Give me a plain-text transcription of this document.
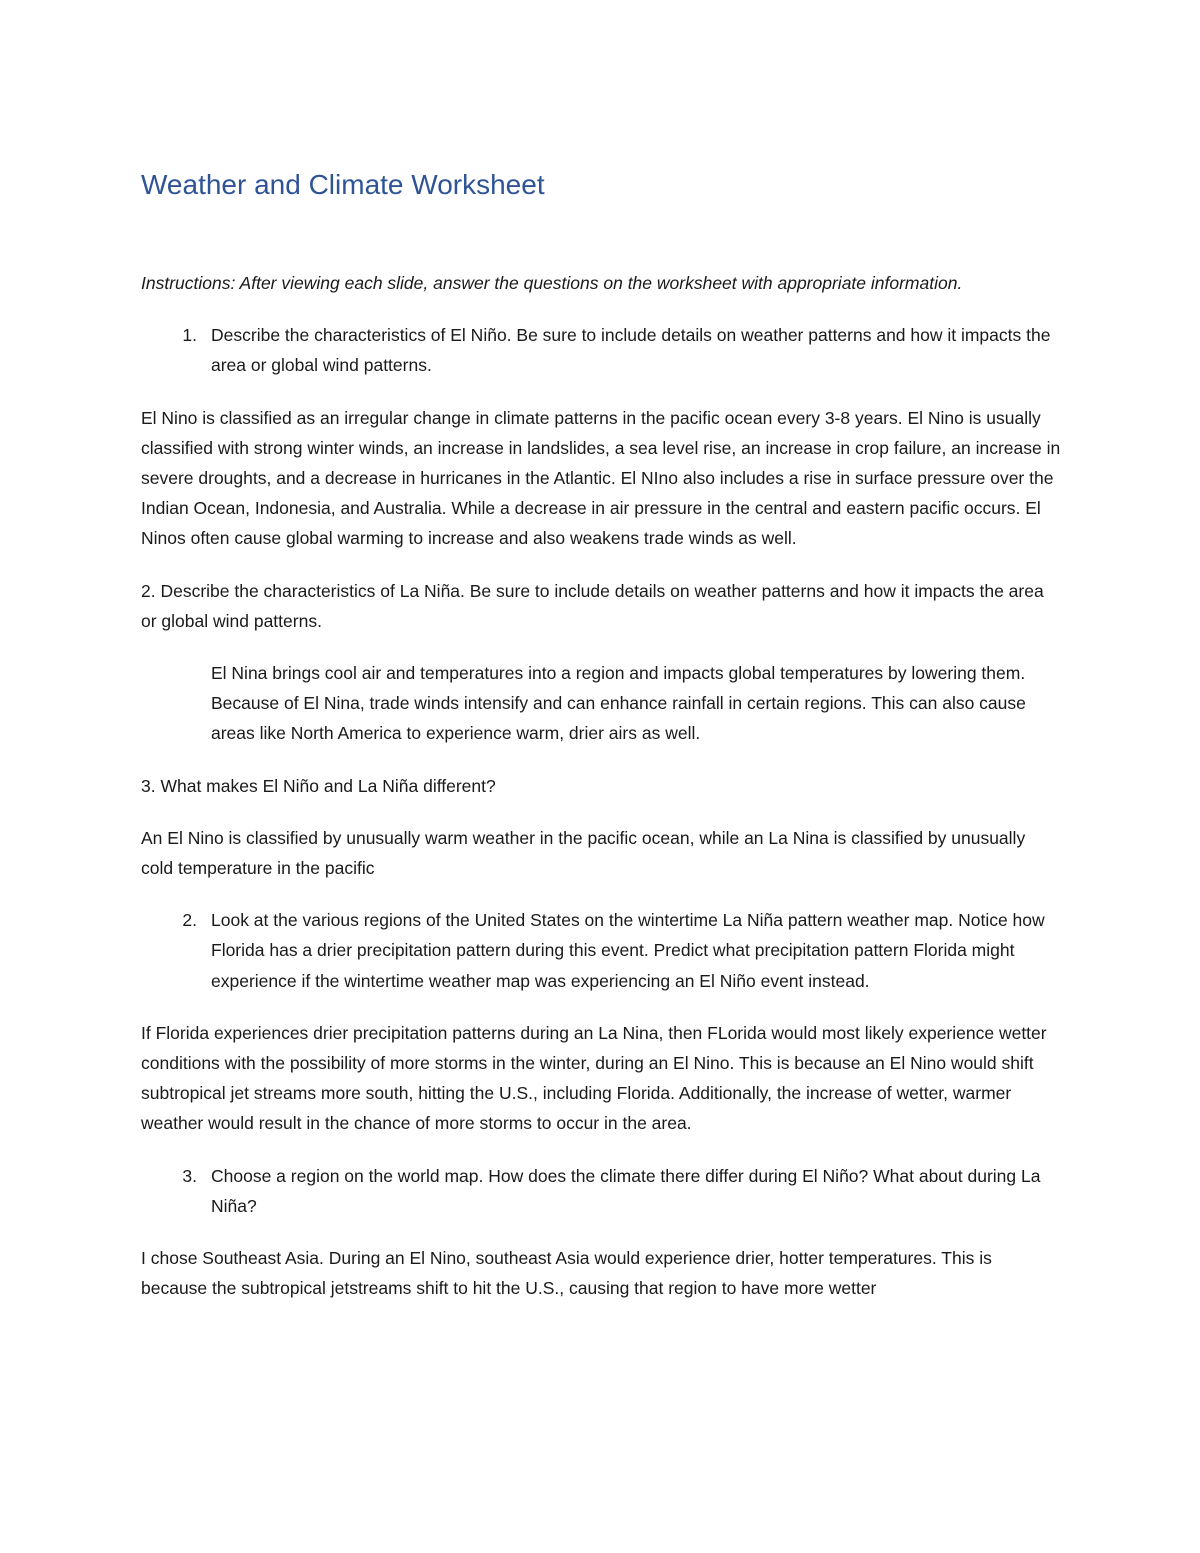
Weather and Climate Worksheet

Instructions: After viewing each slide, answer the questions on the worksheet with appropriate information.

1. Describe the characteristics of El Niño. Be sure to include details on weather patterns and how it impacts the area or global wind patterns.

El Nino is classified as an irregular change in climate patterns in the pacific ocean every 3-8 years. El Nino is usually classified with strong winter winds, an increase in landslides, a sea level rise, an increase in crop failure, an increase in severe droughts, and a decrease in hurricanes in the Atlantic. El NIno also includes a rise in surface pressure over the Indian Ocean, Indonesia, and Australia. While a decrease in air pressure in the central and eastern pacific occurs. El Ninos often cause global warming to increase and also weakens trade winds as well.

2. Describe the characteristics of La Niña. Be sure to include details on weather patterns and how it impacts the area or global wind patterns.

El Nina brings cool air and temperatures into a region and impacts global temperatures by lowering them. Because of El Nina, trade winds intensify and can enhance rainfall in certain regions. This can also cause areas like North America to experience warm, drier airs as well.

3. What makes El Niño and La Niña different?

An El Nino is classified by unusually warm weather in the pacific ocean, while an La Nina is classified by unusually cold temperature in the pacific

2. Look at the various regions of the United States on the wintertime La Niña pattern weather map. Notice how Florida has a drier precipitation pattern during this event. Predict what precipitation pattern Florida might experience if the wintertime weather map was experiencing an El Niño event instead.

If Florida experiences drier precipitation patterns during an La Nina, then FLorida would most likely experience wetter conditions with the possibility of more storms in the winter, during an El Nino. This is because an El Nino would shift subtropical jet streams more south, hitting the U.S., including Florida. Additionally, the increase of wetter, warmer weather would result in the chance of more storms to occur in the area.

3. Choose a region on the world map. How does the climate there differ during El Niño? What about during La Niña?

I chose Southeast Asia. During an El Nino, southeast Asia would experience drier, hotter temperatures. This is because the subtropical jetstreams shift to hit the U.S., causing that region to have more wetter
